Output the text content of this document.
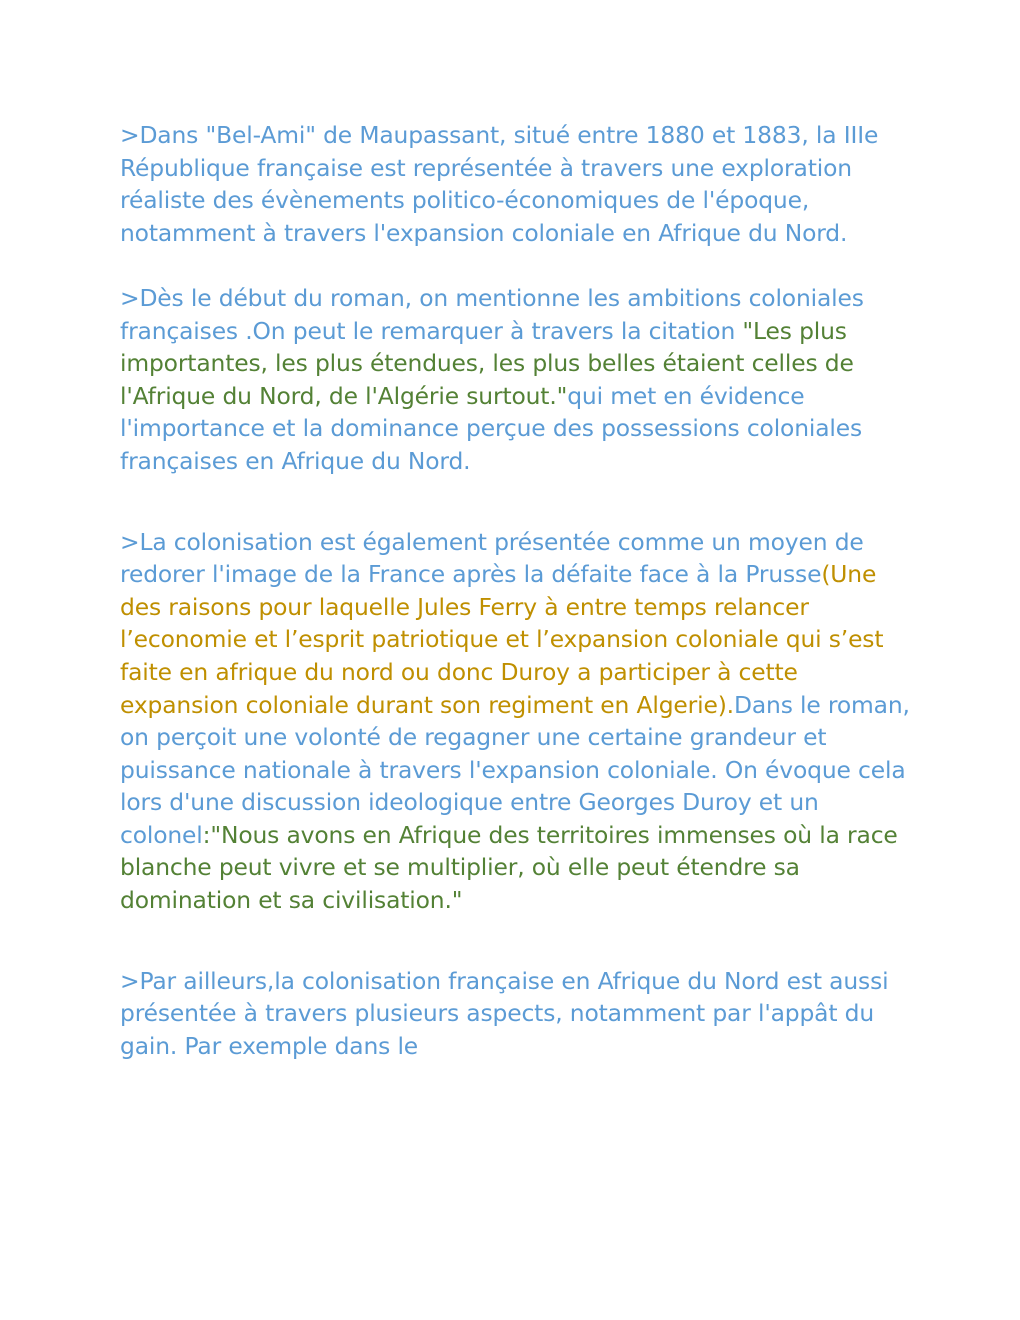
>Dans "Bel-Ami" de Maupassant, situé entre 1880 et 1883, la IIIe République française est représentée à travers une exploration réaliste des évènements politico-économiques de l'époque, notamment à travers l'expansion coloniale en Afrique du Nord.

>Dès le début du roman, on mentionne les ambitions coloniales françaises .On peut le remarquer à travers la citation "Les plus importantes, les plus étendues, les plus belles étaient celles de l'Afrique du Nord, de l'Algérie surtout."qui met en évidence l'importance et la dominance perçue des possessions coloniales françaises en Afrique du Nord.

>La colonisation est également présentée comme un moyen de redorer l'image de la France après la défaite face à la Prusse(Une des raisons pour laquelle Jules Ferry à entre temps relancer l’economie et l’esprit patriotique et l’expansion coloniale qui s’est faite en afrique du nord ou donc Duroy a participer à cette expansion coloniale durant son regiment en Algerie).Dans le roman, on perçoit une volonté de regagner une certaine grandeur et puissance nationale à travers l'expansion coloniale. On évoque cela lors d'une discussion ideologique entre Georges Duroy et un colonel:"Nous avons en Afrique des territoires immenses où la race blanche peut vivre et se multiplier, où elle peut étendre sa domination et sa civilisation."

>Par ailleurs,la colonisation française en Afrique du Nord est aussi présentée à travers plusieurs aspects, notamment par l'appât du gain. Par exemple dans le
